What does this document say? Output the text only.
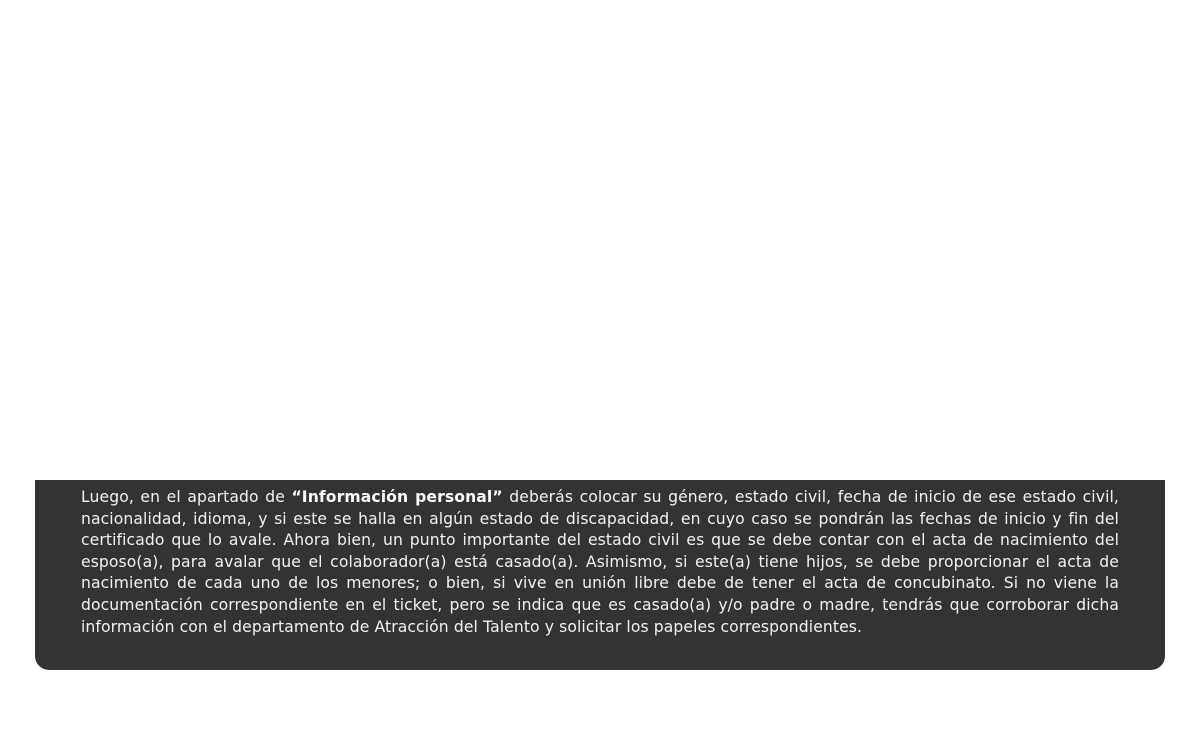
Luego, en el apartado de “Información personal” deberás colocar su género, estado civil, fecha de inicio de ese estado civil, nacionalidad, idioma, y si este se halla en algún estado de discapacidad, en cuyo caso se pondrán las fechas de inicio y fin del certificado que lo avale. Ahora bien, un punto importante del estado civil es que se debe contar con el acta de nacimiento del esposo(a), para avalar que el colaborador(a) está casado(a). Asimismo, si este(a) tiene hijos, se debe proporcionar el acta de nacimiento de cada uno de los menores; o bien, si vive en unión libre debe de tener el acta de concubinato. Si no viene la documentación correspondiente en el ticket, pero se indica que es casado(a) y/o padre o madre, tendrás que corroborar dicha información con el departamento de Atracción del Talento y solicitar los papeles correspondientes.
